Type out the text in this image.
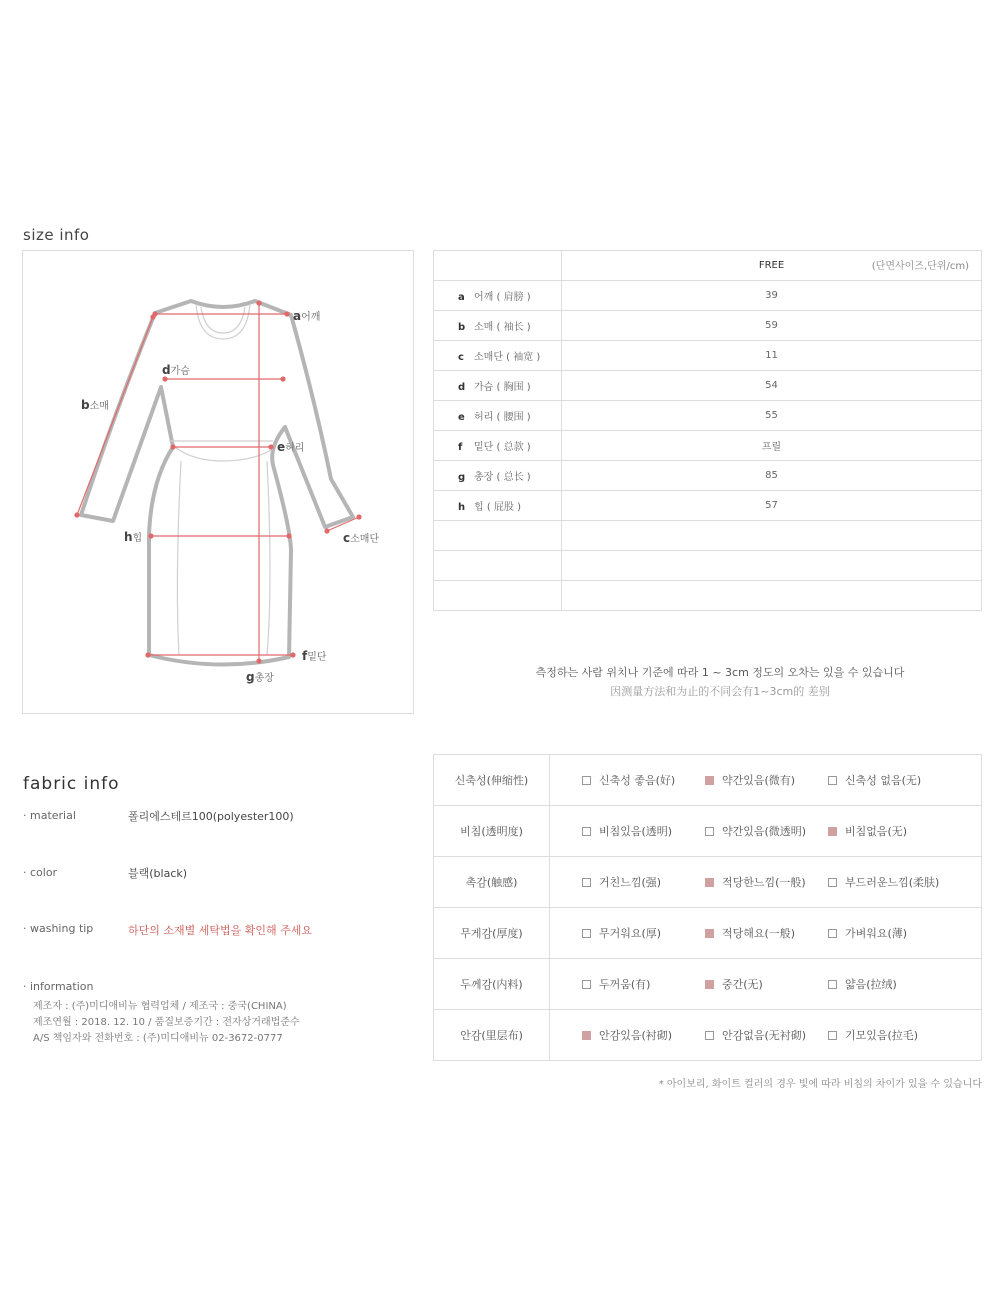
size info
a어깨
b소매
c소매단
d가슴
e허리
f밑단
g총장
h힙
	FREE (단면사이즈,단위/cm)

a 어깨 ( 肩膀 )	39
b 소매 ( 袖长 )	59
c 소매단 ( 袖宽 )	11
d 가슴 ( 胸围 )	54
e 허리 ( 腰围 )	55
f 밑단 ( 总款 )	프릴
g 총장 ( 总长 )	85
h 힙 ( 屁股 )	57

측정하는 사람 위치나 기준에 따라 1 ~ 3cm 정도의 오차는 있을 수 있습니다
因测量方法和为止的不同会有1~3cm的 差别
fabric info
· material	폴리에스테르100(polyester100)
· color	블랙(black)
· washing tip	하단의 소재별 세탁법을 확인해 주세요
· information
제조자 : (주)미디애비뉴 협력업체 / 제조국 : 중국(CHINA)
제조연월 : 2018. 12. 10 / 품질보증기간 : 전자상거래법준수
A/S 책임자와 전화번호 : (주)미디애비뉴 02-3672-0777
신축성(伸缩性)	신축성 좋음(好) 약간있음(微有) 신축성 없음(无)

비침(透明度)	비침있음(透明) 약간있음(微透明) 비침없음(无)

촉감(触感)	거친느낌(强) 적당한느낌(一般) 부드러운느낌(柔肤)

무게감(厚度)	무거워요(厚) 적당해요(一般) 가벼워요(薄)

두께감(内料)	두꺼움(有) 중간(无) 얇음(拉绒)

안감(里层布)	안감있음(衬砌) 안감없음(无衬砌) 기모있음(拉毛)
* 아이보리, 화이트 컬러의 경우 빛에 따라 비침의 차이가 있을 수 있습니다
